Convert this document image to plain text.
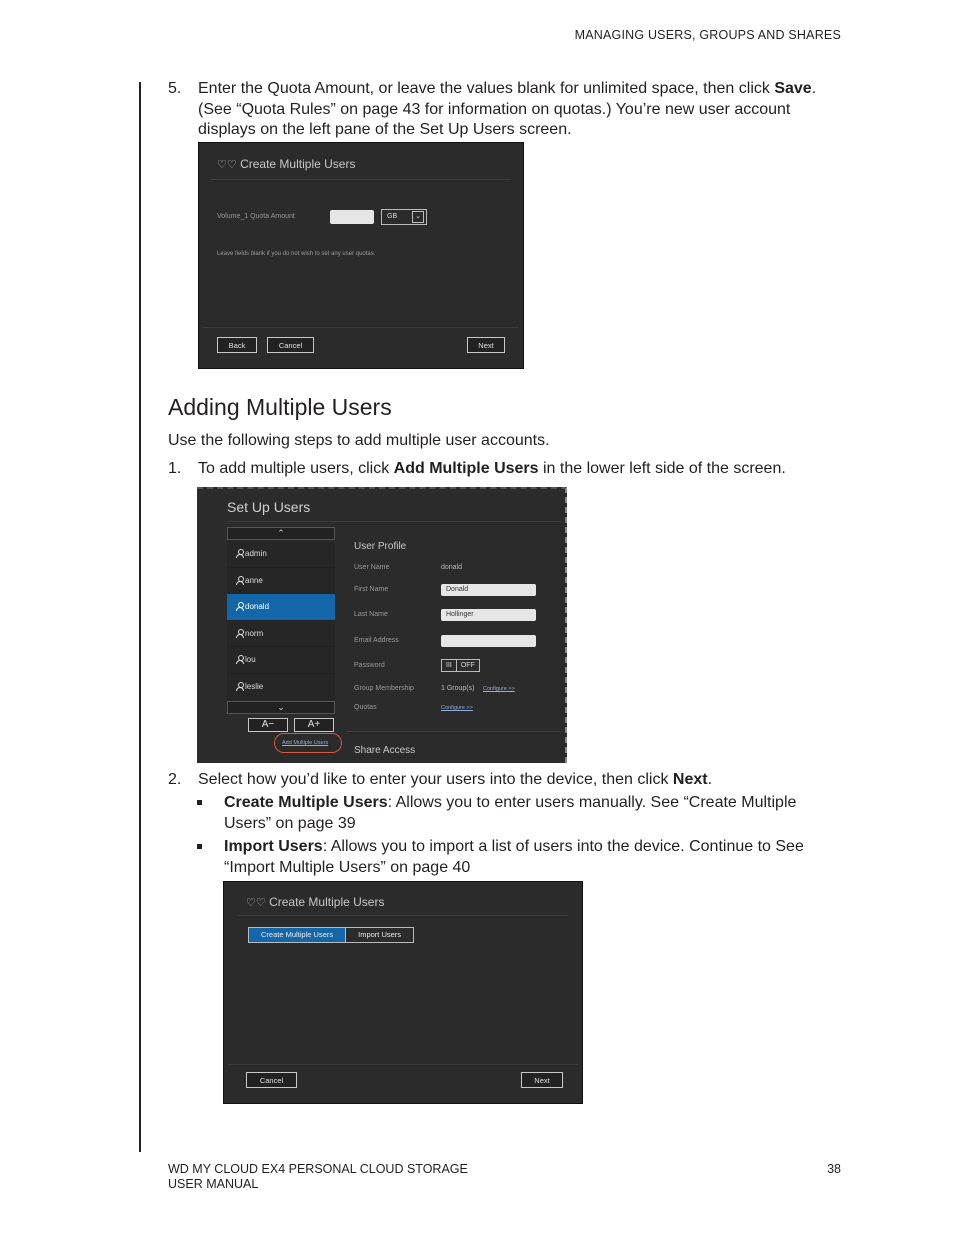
MANAGING USERS, GROUPS AND SHARES
5. Enter the Quota Amount, or leave the values blank for unlimited space, then click Save. (See “Quota Rules” on page 43 for information on quotas.) You’re new user account displays on the left pane of the Set Up Users screen.
♡♡ Create Multiple Users
Volume_1 Quota Amount	GB	⌄
Leave fields blank if you do not wish to set any user quotas.
Back	Cancel	Next
Adding Multiple Users
Use the following steps to add multiple user accounts.
1. To add multiple users, click Add Multiple Users in the lower left side of the screen.
Set Up Users
⌃
admin
anne
donald
norm
lou
leslie
⌄
A−	A+
Add Multiple Users
User Profile
User Name	donald
First Name	Donald
Last Name	Hollinger
Email Address
Password	III	OFF
Group Membership	1 Group(s) Configure >>
Quotas	Configure >>
Share Access
2. Select how you’d like to enter your users into the device, then click Next.
Create Multiple Users: Allows you to enter users manually. See “Create Multiple Users” on page 39
Import Users: Allows you to import a list of users into the device. Continue to See “Import Multiple Users” on page 40
♡♡ Create Multiple Users
Create Multiple Users	Import Users
Cancel	Next
WD MY CLOUD EX4 PERSONAL CLOUD STORAGE
USER MANUAL
38
